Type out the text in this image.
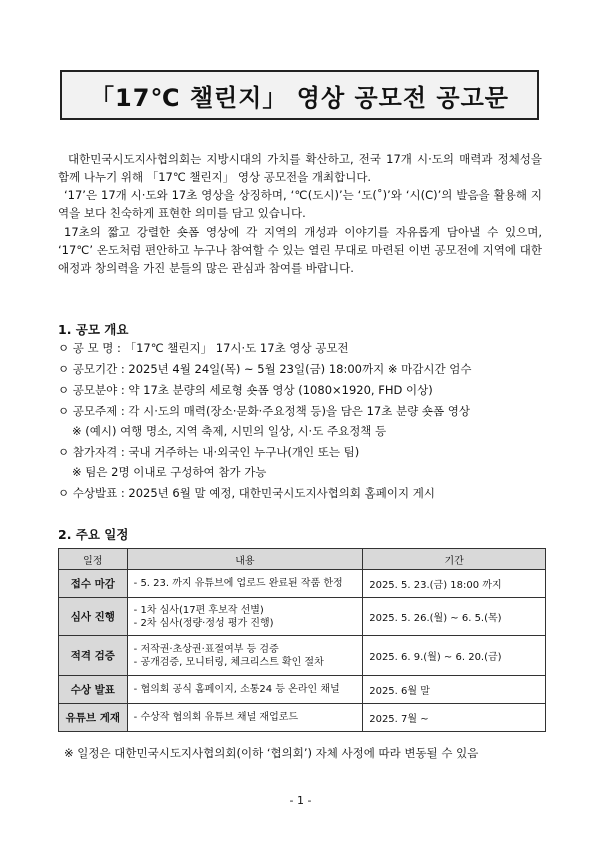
「17℃ 챌린지」 영상 공모전 공고문

대한민국시도지사협의회는 지방시대의 가치를 확산하고, 전국 17개 시·도의 매력과 정체성을 함께 나누기 위해 「17℃ 챌린지」 영상 공모전을 개최합니다.

‘17’은 17개 시·도와 17초 영상을 상징하며, ‘℃(도시)’는 ‘도(˚)’와 ‘시(C)’의 발음을 활용해 지역을 보다 친숙하게 표현한 의미를 담고 있습니다.

17초의 짧고 강렬한 숏폼 영상에 각 지역의 개성과 이야기를 자유롭게 담아낼 수 있으며, ‘17℃’ 온도처럼 편안하고 누구나 참여할 수 있는 열린 무대로 마련된 이번 공모전에 지역에 대한 애정과 창의력을 가진 분들의 많은 관심과 참여를 바랍니다.

1. 공모 개요

ㅇ 공 모 명 : 「17℃ 챌린지」 17시·도 17초 영상 공모전

ㅇ 공모기간 : 2025년 4월 24일(목) ~ 5월 23일(금) 18:00까지 ※ 마감시간 엄수

ㅇ 공모분야 : 약 17초 분량의 세로형 숏폼 영상 (1080×1920, FHD 이상)

ㅇ 공모주제 : 각 시·도의 매력(장소·문화·주요정책 등)을 담은 17초 분량 숏폼 영상

※ (예시) 여행 명소, 지역 축제, 시민의 일상, 시·도 주요정책 등

ㅇ 참가자격 : 국내 거주하는 내·외국인 누구나(개인 또는 팀)

※ 팀은 2명 이내로 구성하여 참가 가능

ㅇ 수상발표 : 2025년 6월 말 예정, 대한민국시도지사협의회 홈페이지 게시

2. 주요 일정

일정	내용	기간
접수 마감	- 5. 23. 까지 유튜브에 업로드 완료된 작품 한정	2025. 5. 23.(금) 18:00 까지
심사 진행	- 1차 심사(17편 후보작 선별)
- 2차 심사(정량·정성 평가 진행)	2025. 5. 26.(월) ~ 6. 5.(목)
적격 검증	- 저작권·초상권·표절여부 등 검증
- 공개검증, 모니터링, 체크리스트 확인 절차	2025. 6. 9.(월) ~ 6. 20.(금)
수상 발표	- 협의회 공식 홈페이지, 소통24 등 온라인 채널	2025. 6월 말
유튜브 게재	- 수상작 협의회 유튜브 채널 재업로드	2025. 7월 ~

※ 일정은 대한민국시도지사협의회(이하 ‘협의회’) 자체 사정에 따라 변동될 수 있음

- 1 -
